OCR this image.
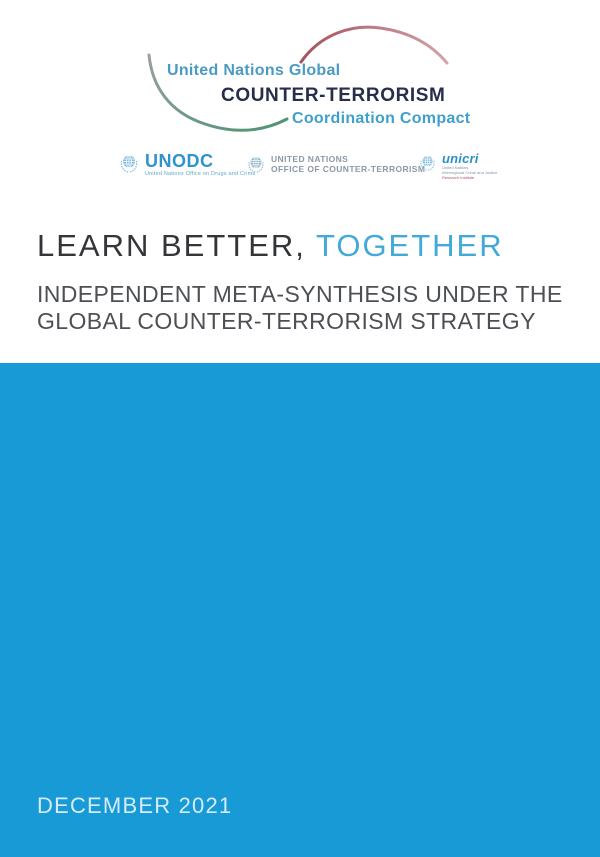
United Nations Global
COUNTER-TERRORISM
Coordination Compact
UNODC
United Nations Office on Drugs and Crime
UNITED NATIONS
OFFICE OF COUNTER-TERRORISM
unicri
United Nations
Interregional Crime and Justice
Research Institute
LEARN BETTER, TOGETHER
INDEPENDENT META-SYNTHESIS UNDER THE
GLOBAL COUNTER-TERRORISM STRATEGY
DECEMBER 2021
